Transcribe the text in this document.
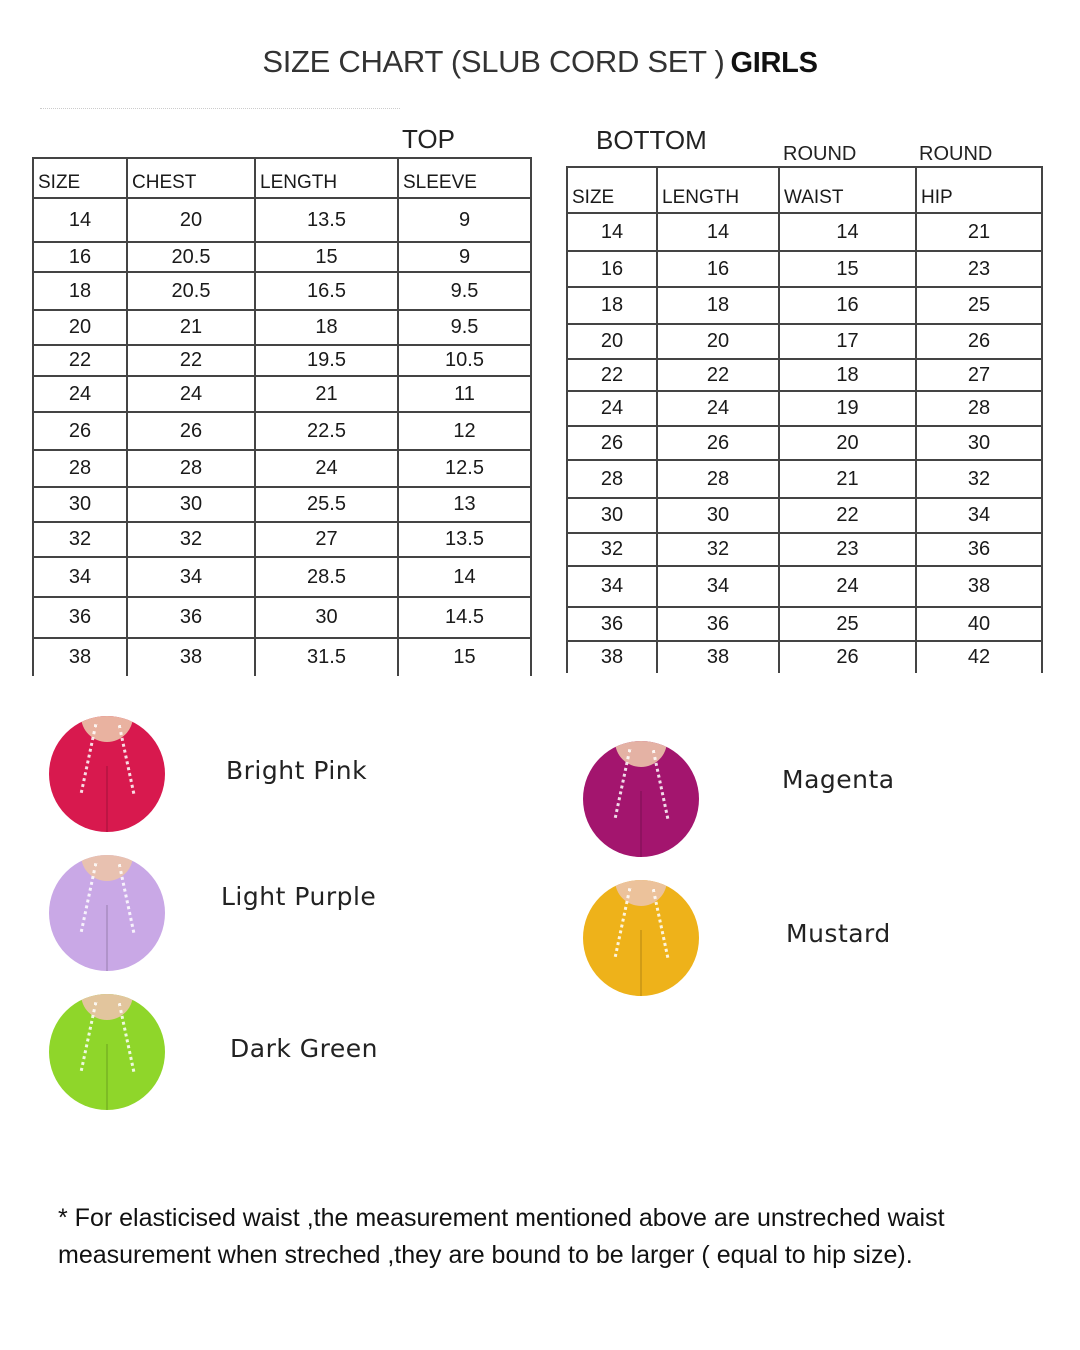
SIZE CHART (SLUB CORD SET ) GIRLS
TOP
SIZE	CHEST	LENGTH	SLEEVE
14	20	13.5	9
16	20.5	15	9
18	20.5	16.5	9.5
20	21	18	9.5
22	22	19.5	10.5
24	24	21	11
26	26	22.5	12
28	28	24	12.5
30	30	25.5	13
32	32	27	13.5
34	34	28.5	14
36	36	30	14.5
38	38	31.5	15
BOTTOM	ROUND	ROUND
SIZE	LENGTH	WAIST	HIP
14	14	14	21
16	16	15	23
18	18	16	25
20	20	17	26
22	22	18	27
24	24	19	28
26	26	20	30
28	28	21	32
30	30	22	34
32	32	23	36
34	34	24	38
36	36	25	40
38	38	26	42
Bright Pink
Light Purple
Dark Green
Magenta
Mustard
* For elasticised waist ,the measurement mentioned above are unstreched waist measurement when streched ,they are bound to be larger ( equal to hip size).
